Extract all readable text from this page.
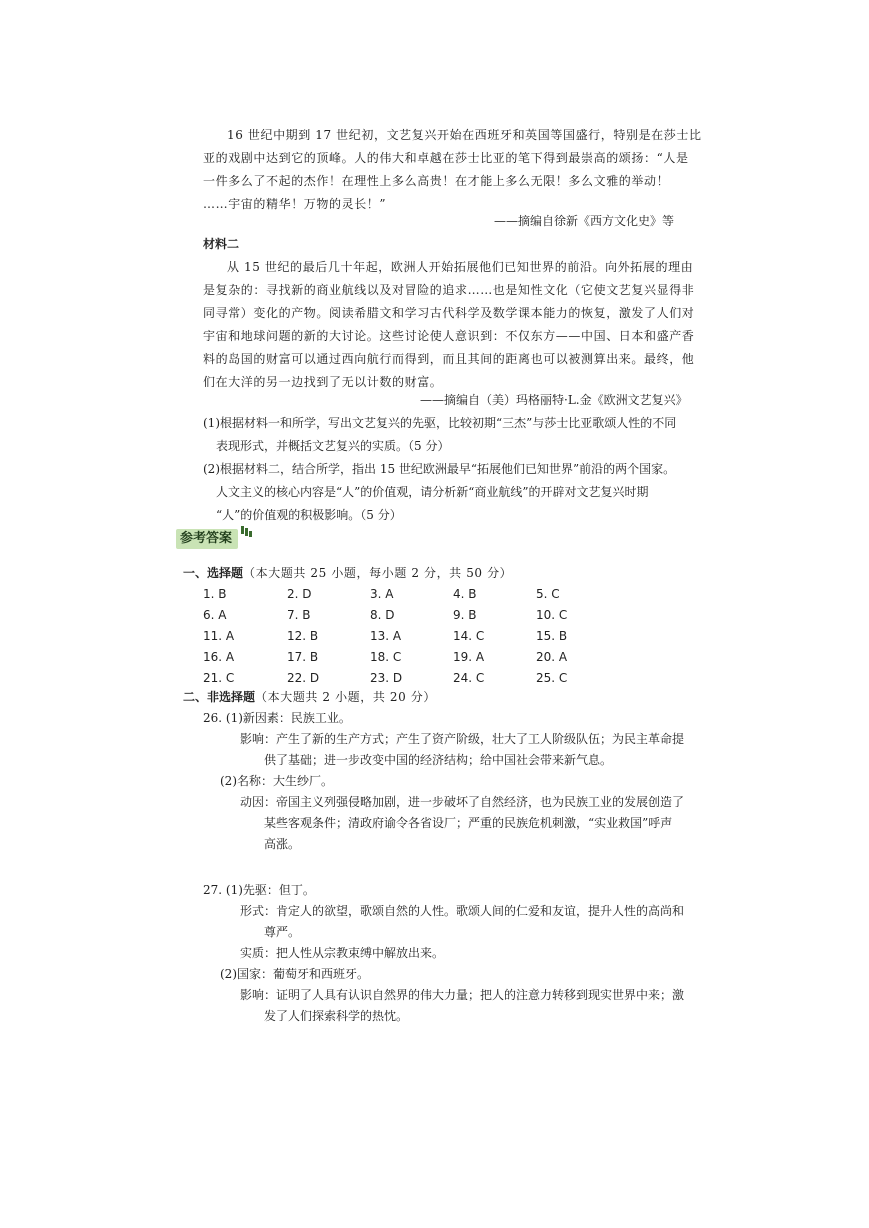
16 世纪中期到 17 世纪初，文艺复兴开始在西班牙和英国等国盛行，特别是在莎士比
亚的戏剧中达到它的顶峰。人的伟大和卓越在莎士比亚的笔下得到最崇高的颂扬：“人是
一件多么了不起的杰作！在理性上多么高贵！在才能上多么无限！多么文雅的举动！
……宇宙的精华！万物的灵长！”
——摘编自徐新《西方文化史》等
材料二
从 15 世纪的最后几十年起，欧洲人开始拓展他们已知世界的前沿。向外拓展的理由
是复杂的：寻找新的商业航线以及对冒险的追求……也是知性文化（它使文艺复兴显得非
同寻常）变化的产物。阅读希腊文和学习古代科学及数学课本能力的恢复，激发了人们对
宇宙和地球问题的新的大讨论。这些讨论使人意识到：不仅东方——中国、日本和盛产香
料的岛国的财富可以通过西向航行而得到，而且其间的距离也可以被测算出来。最终，他
们在大洋的另一边找到了无以计数的财富。
——摘编自（美）玛格丽特·L.金《欧洲文艺复兴》
(1)根据材料一和所学，写出文艺复兴的先驱，比较初期“三杰”与莎士比亚歌颂人性的不同
表现形式，并概括文艺复兴的实质。（5 分）
(2)根据材料二，结合所学，指出 15 世纪欧洲最早“拓展他们已知世界”前沿的两个国家。
人文主义的核心内容是“人”的价值观，请分析新“商业航线”的开辟对文艺复兴时期
“人”的价值观的积极影响。（5 分）
参考答案
一、选择题（本大题共 25 小题，每小题 2 分，共 50 分）
1. B	2. D	3. A	4. B	5. C
6. A	7. B	8. D	9. B	10. C
11. A	12. B	13. A	14. C	15. B
16. A	17. B	18. C	19. A	20. A
21. C	22. D	23. D	24. C	25. C
二、非选择题（本大题共 2 小题，共 20 分）
26. (1)新因素：民族工业。
影响：产生了新的生产方式；产生了资产阶级，壮大了工人阶级队伍；为民主革命提
供了基础；进一步改变中国的经济结构；给中国社会带来新气息。
(2)名称：大生纱厂。
动因：帝国主义列强侵略加剧，进一步破坏了自然经济，也为民族工业的发展创造了
某些客观条件；清政府谕令各省设厂；严重的民族危机刺激，“实业救国”呼声
高涨。
27. (1)先驱：但丁。
形式：肯定人的欲望，歌颂自然的人性。歌颂人间的仁爱和友谊，提升人性的高尚和
尊严。
实质：把人性从宗教束缚中解放出来。
(2)国家：葡萄牙和西班牙。
影响：证明了人具有认识自然界的伟大力量；把人的注意力转移到现实世界中来；激
发了人们探索科学的热忱。
